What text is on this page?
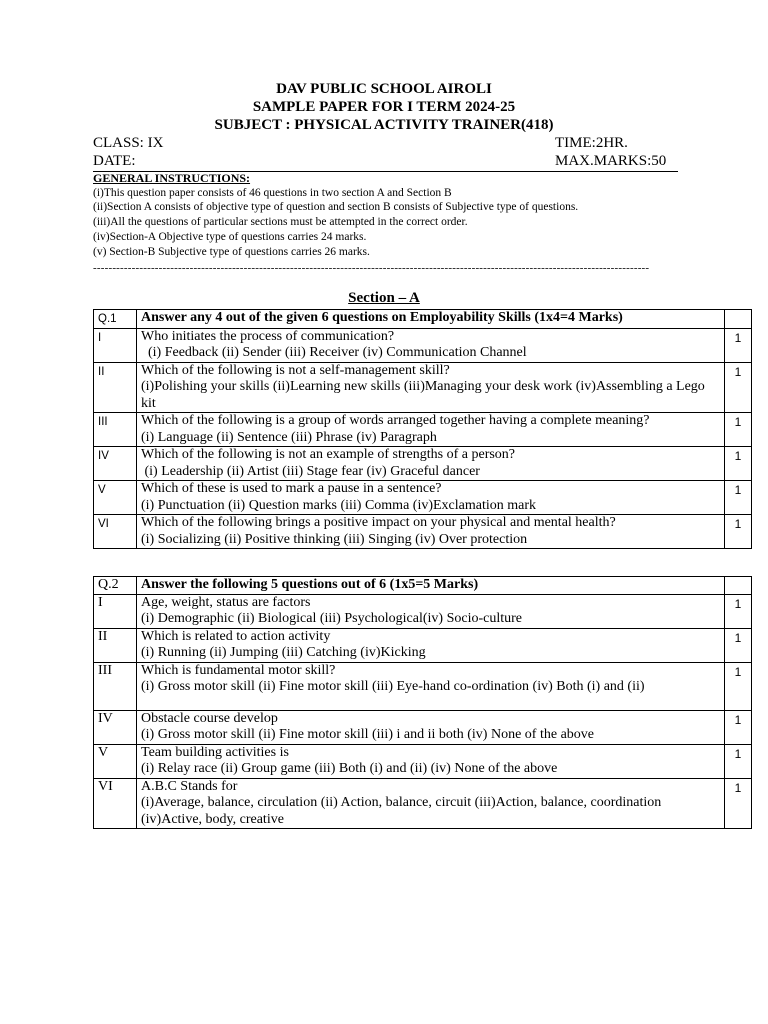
DAV PUBLIC SCHOOL AIROLI
SAMPLE PAPER FOR I TERM 2024-25
SUBJECT : PHYSICAL ACTIVITY TRAINER(418)
CLASS: IX	TIME:2HR.
DATE:	MAX.MARKS:50
GENERAL INSTRUCTIONS:
(i)This question paper consists of 46 questions in two section A and Section B
(ii)Section A consists of objective type of question and section B consists of Subjective type of questions.
(iii)All the questions of particular sections must be attempted in the correct order.
(iv)Section-A Objective type of questions carries 24 marks.
(v) Section-B Subjective type of questions carries 26 marks.
------------------------------------------------------------------------------------------------------------------------------------------------
Section – A
Q.1	Answer any 4 out of the given 6 questions on Employability Skills (1x4=4 Marks)	
I	Who initiates the process of communication?
(i) Feedback (ii) Sender (iii) Receiver (iv) Communication Channel	1
II	Which of the following is not a self-management skill?
(i)Polishing your skills (ii)Learning new skills (iii)Managing your desk work (iv)Assembling a Lego kit	1
III	Which of the following is a group of words arranged together having a complete meaning?
(i) Language (ii) Sentence (iii) Phrase (iv) Paragraph	1
IV	Which of the following is not an example of strengths of a person?
(i) Leadership (ii) Artist (iii) Stage fear (iv) Graceful dancer	1
V	Which of these is used to mark a pause in a sentence?
(i) Punctuation (ii) Question marks (iii) Comma (iv)Exclamation mark	1
VI	Which of the following brings a positive impact on your physical and mental health?
(i) Socializing (ii) Positive thinking (iii) Singing (iv) Over protection	1
Q.2	Answer the following 5 questions out of 6 (1x5=5 Marks)	
I	Age, weight, status are factors
(i) Demographic (ii) Biological (iii) Psychological(iv) Socio-culture	1
II	Which is related to action activity
(i) Running (ii) Jumping (iii) Catching (iv)Kicking	1
III	Which is fundamental motor skill?
(i) Gross motor skill (ii) Fine motor skill (iii) Eye-hand co-ordination (iv) Both (i) and (ii)	1
IV	Obstacle course develop
(i) Gross motor skill (ii) Fine motor skill (iii) i and ii both (iv) None of the above	1
V	Team building activities is
(i) Relay race (ii) Group game (iii) Both (i) and (ii) (iv) None of the above	1
VI	A.B.C Stands for
(i)Average, balance, circulation (ii) Action, balance, circuit (iii)Action, balance, coordination (iv)Active, body, creative	1
